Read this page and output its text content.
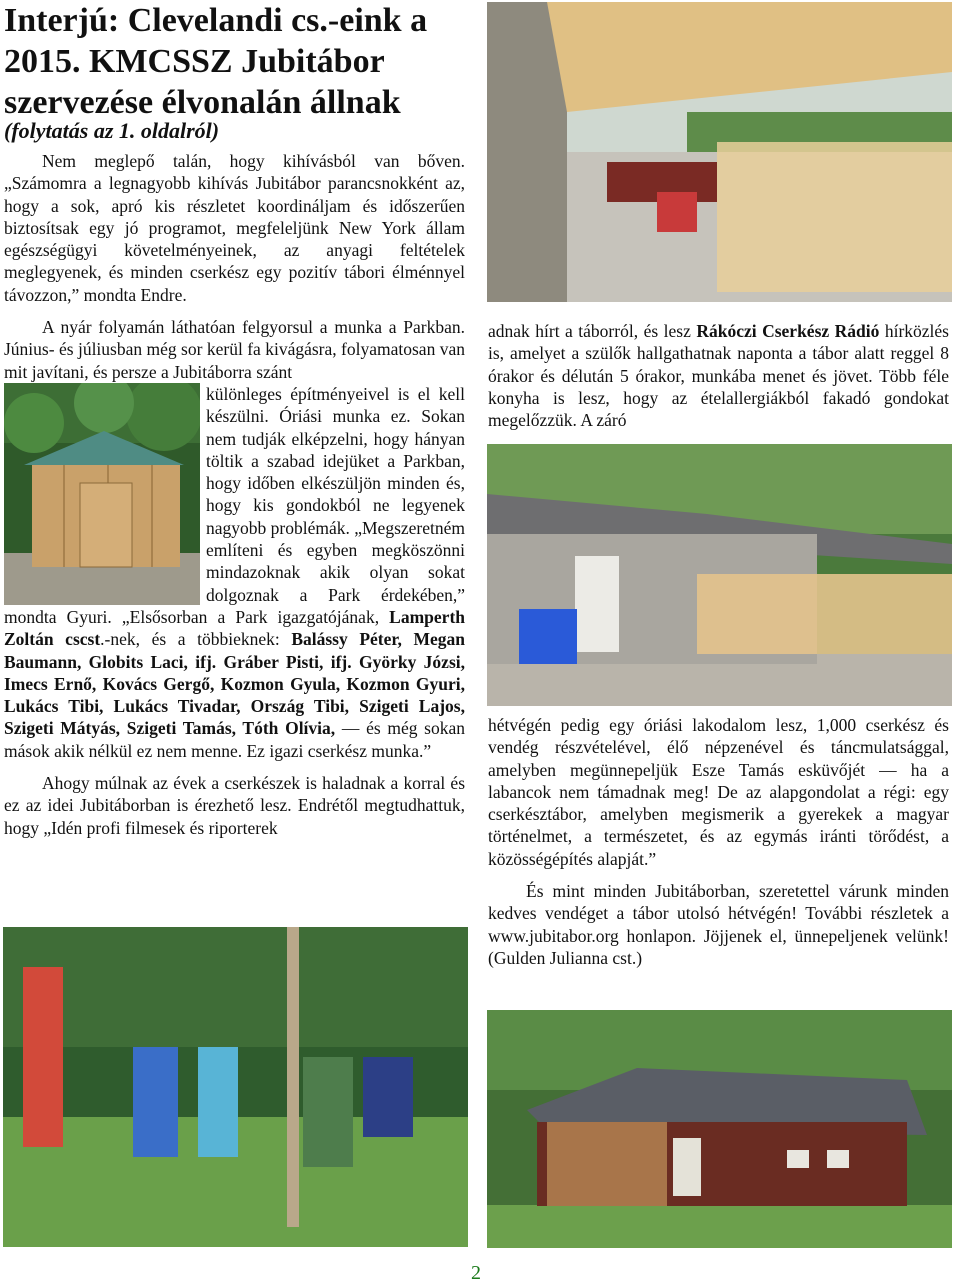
Interjú: Clevelandi cs.-eink a 2015. KMCSSZ Jubitábor szervezése élvonalán állnak
(folytatás az 1. oldalról)

Nem meglepő talán, hogy kihívásból van bőven. „Számomra a legnagyobb kihívás Jubitábor parancsnokként az, hogy a sok, apró kis részletet koordináljam és időszerűen biztosítsak egy jó programot, megfeleljünk New York állam egészségügyi követelményeinek, az anyagi feltételek meglegyenek, és minden cserkész egy pozitív tábori élménnyel távozzon,” mondta Endre.

A nyár folyamán láthatóan felgyorsul a munka a Parkban. Június- és júliusban még sor kerül fa kivágásra, folyamatosan van mit javítani, és persze a Jubitáborra szánt

különleges építményeivel is el kell készülni. Óriási munka ez. Sokan nem tudják elképzelni, hogy hányan töltik a szabad idejüket a Parkban, hogy időben elkészüljön minden és, hogy kis gondokból ne legyenek nagyobb problémák. „Megszeretném említeni és egyben megköszönni mindazoknak akik olyan sokat dolgoznak a Park érdekében,” mondta Gyuri. „Elsősorban a Park igazgatójának, Lamperth Zoltán cscst.-nek, és a többieknek: Balássy Péter, Megan Baumann, Globits Laci, ifj. Gráber Pisti, ifj. Györky Józsi, Imecs Ernő, Kovács Gergő, Kozmon Gyula, Kozmon Gyuri, Lukács Tibi, Lukács Tivadar, Ország Tibi, Szigeti Lajos, Szigeti Mátyás, Szigeti Tamás, Tóth Olívia, — és még sokan mások akik nélkül ez nem menne. Ez igazi cserkész munka.”

Ahogy múlnak az évek a cserkészek is haladnak a korral és ez az idei Jubitáborban is érezhető lesz. Endrétől megtudhattuk, hogy „Idén profi filmesek és riporterek

adnak hírt a táborról, és lesz Rákóczi Cserkész Rádió hírközlés is, amelyet a szülők hallgathatnak naponta a tábor alatt reggel 8 órakor és délután 5 órakor, munkába menet és jövet. Több féle konyha is lesz, hogy az ételallergiákból fakadó gondokat megelőzzük. A záró

hétvégén pedig egy óriási lakodalom lesz, 1,000 cserkész és vendég részvételével, élő népzenével és táncmulatsággal, amelyben megünnepeljük Esze Tamás esküvőjét — ha a labancok nem támadnak meg! De az alapgondolat a régi: egy cserkésztábor, amelyben megismerik a gyerekek a magyar történelmet, a természetet, és az egymás iránti törődést, a közösségépítés alapját.”

És mint minden Jubitáborban, szeretettel várunk minden kedves vendéget a tábor utolsó hétvégén! További részletek a www.jubitabor.org honlapon. Jöjjenek el, ünnepeljenek velünk! (Gulden Julianna cst.)

2
